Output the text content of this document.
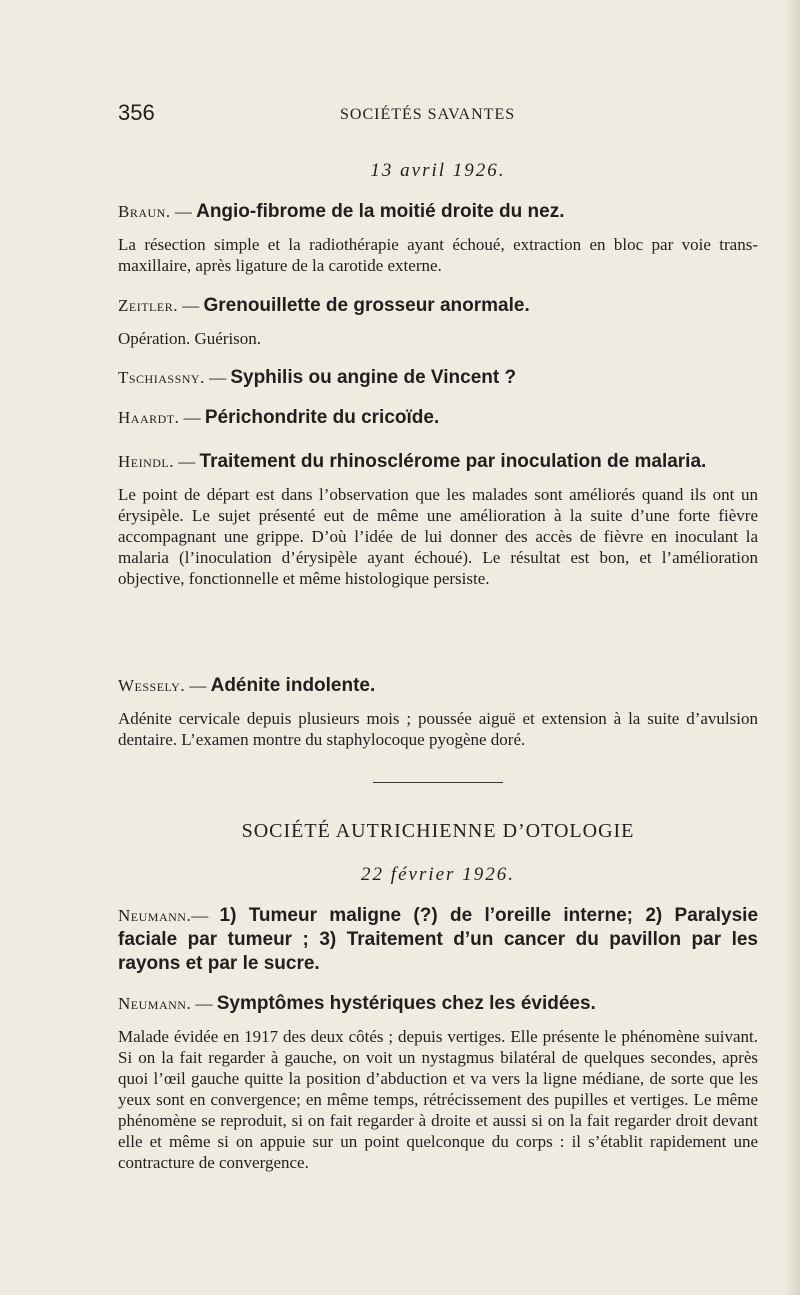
356	SOCIÉTÉS SAVANTES
13 avril 1926.
Braun. — Angio-fibrome de la moitié droite du nez.

La résection simple et la radiothérapie ayant échoué, extraction en bloc par voie trans-maxillaire, après ligature de la carotide externe.

Zeitler. — Grenouillette de grosseur anormale.

Opération. Guérison.

Tschiassny. — Syphilis ou angine de Vincent ?
Haardt. — Périchondrite du cricoïde.
Heindl. — Traitement du rhinosclérome par inoculation de malaria.

Le point de départ est dans l’observation que les malades sont améliorés quand ils ont un érysipèle. Le sujet présenté eut de même une amélioration à la suite d’une forte fièvre accompagnant une grippe. D’où l’idée de lui donner des accès de fièvre en inoculant la malaria (l’inoculation d’érysipèle ayant échoué). Le résultat est bon, et l’amélioration objective, fonctionnelle et même histologique persiste.

Wessely. — Adénite indolente.

Adénite cervicale depuis plusieurs mois ; poussée aiguë et extension à la suite d’avulsion dentaire. L’examen montre du staphylocoque pyogène doré.

SOCIÉTÉ AUTRICHIENNE D’OTOLOGIE
22 février 1926.
Neumann.— 1) Tumeur maligne (?) de l’oreille interne; 2) Paralysie faciale par tumeur ; 3) Traitement d’un cancer du pavillon par les rayons et par le sucre.
Neumann. — Symptômes hystériques chez les évidées.

Malade évidée en 1917 des deux côtés ; depuis vertiges. Elle présente le phénomène suivant. Si on la fait regarder à gauche, on voit un nystagmus bilatéral de quelques secondes, après quoi l’œil gauche quitte la position d’abduction et va vers la ligne médiane, de sorte que les yeux sont en convergence; en même temps, rétrécissement des pupilles et vertiges. Le même phénomène se reproduit, si on fait regarder à droite et aussi si on la fait regarder droit devant elle et même si on appuie sur un point quelconque du corps : il s’établit rapidement une contracture de convergence.
